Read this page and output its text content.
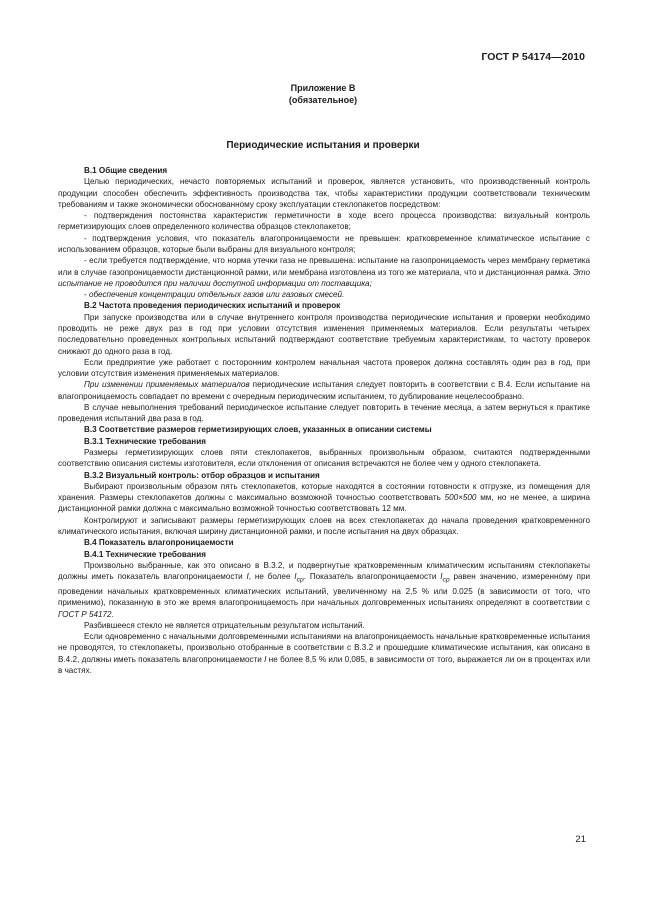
ГОСТ Р 54174—2010
Приложение В
(обязательное)
Периодические испытания и проверки

В.1 Общие сведения

Целью периодических, нечасто повторяемых испытаний и проверок, является установить, что производственный контроль продукции способен обеспечить эффективность производства так, чтобы характеристики продукции соответствовали техническим требованиям и также экономически обоснованному сроку эксплуатации стеклопакетов посредством:

- подтверждения постоянства характеристик герметичности в ходе всего процесса производства: визуальный контроль герметизирующих слоев определенного количества образцов стеклопакетов;

- подтверждения условия, что показатель влагопроницаемости не превышен: кратковременное климатическое испытание с использованием образцов, которые были выбраны для визуального контроля;

- если требуется подтверждение, что норма утечки газа не превышена: испытание на газопроницаемость через мембрану герметика или в случае газопроницаемости дистанционной рамки, или мембрана изготовлена из того же материала, что и дистанционная рамка. Это испытание не проводится при наличии доступной информации от поставщика;

- обеспечения концентрации отдельных газов или газовых смесей.

В.2 Частота проведения периодических испытаний и проверок

При запуске производства или в случае внутреннего контроля производства периодические испытания и проверки необходимо проводить не реже двух раз в год при условии отсутствия изменения применяемых материалов. Если результаты четырех последовательно проведенных контрольных испытаний подтверждают соответствие требуемым характеристикам, то частоту проверок снижают до одного раза в год.

Если предприятие уже работает с посторонним контролем начальная частота проверок должна составлять один раз в год, при условии отсутствия изменения применяемых материалов.

При изменении применяемых материалов периодические испытания следует повторить в соответствии с В.4. Если испытание на влагопроницаемость совпадает по времени с очередным периодическим испытанием, то дублирование нецелесообразно.

В случае невыполнения требований периодическое испытание следует повторить в течение месяца, а затем вернуться к практике проведения испытаний два раза в год.

В.3 Соответствие размеров герметизирующих слоев, указанных в описании системы

В.3.1 Технические требования

Размеры герметизирующих слоев пяти стеклопакетов, выбранных произвольным образом, считаются подтвержденными соответствию описания системы изготовителя, если отклонения от описания встречаются не более чем у одного стеклопакета.

В.3.2 Визуальный контроль: отбор образцов и испытания

Выбирают произвольным образом пять стеклопакетов, которые находятся в состоянии готовности к отгрузке, из помещения для хранения. Размеры стеклопакетов должны с максимально возможной точностью соответствовать 500×500 мм, но не менее, а ширина дистанционной рамки должна с максимально возможной точностью соответствовать 12 мм.

Контролируют и записывают размеры герметизирующих слоев на всех стеклопакетах до начала проведения кратковременного климатического испытания, включая ширину дистанционной рамки, и после испытания на двух образцах.

В.4 Показатель влагопроницаемости

В.4.1 Технические требования

Произвольно выбранные, как это описано в В.3.2, и подвергнутые кратковременным климатическим испытаниям стеклопакеты должны иметь показатель влагопроницаемости I, не более $I_{cp}$. Показатель влагопроницаемости $I_{cp}$ равен значению, измеренному при проведении начальных кратковременных климатических испытаний, увеличенному на 2,5 % или 0.025 (в зависимости от того, что применимо), показанную в это же время влагопроницаемость при начальных долговременных испытаниях определяют в соответствии с ГОСТ Р 54172.

Разбившееся стекло не является отрицательным результатом испытаний.

Если одновременно с начальными долговременными испытаниями на влагопроницаемость начальные кратковременные испытания не проводятся, то стеклопакеты, произвольно отобранные в соответствии с В.3.2 и прошедшие климатические испытания, как описано в В.4.2, должны иметь показатель влагопроницаемости I не более 8,5 % или 0,085, в зависимости от того, выражается ли он в процентах или в частях.

21
